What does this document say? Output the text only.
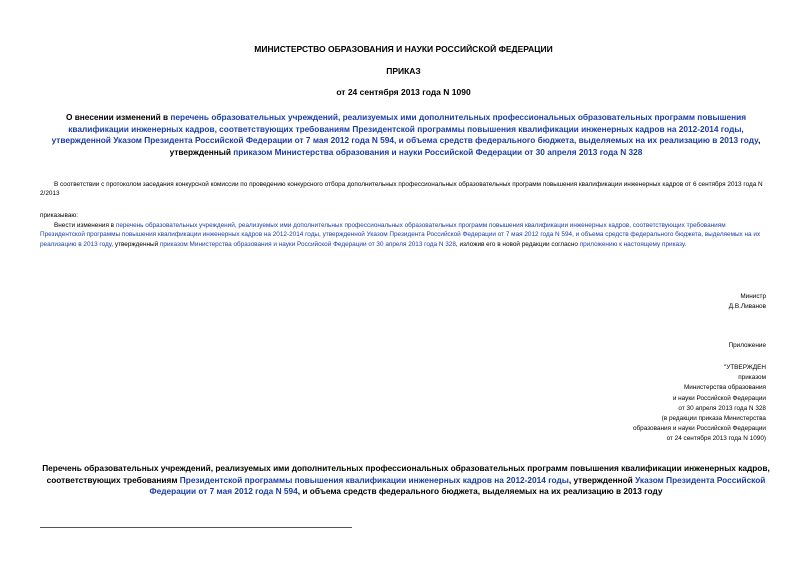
МИНИСТЕРСТВО ОБРАЗОВАНИЯ И НАУКИ РОССИЙСКОЙ ФЕДЕРАЦИИ
ПРИКАЗ
от 24 сентября 2013 года N 1090
О внесении изменений в перечень образовательных учреждений, реализуемых ими дополнительных профессиональных образовательных программ повышения квалификации инженерных кадров, соответствующих требованиям Президентской программы повышения квалификации инженерных кадров на 2012-2014 годы, утвержденной Указом Президента Российской Федерации от 7 мая 2012 года N 594, и объема средств федерального бюджета, выделяемых на их реализацию в 2013 году, утвержденный приказом Министерства образования и науки Российской Федерации от 30 апреля 2013 года N 328
В соответствии с протоколом заседания конкурсной комиссии по проведению конкурсного отбора дополнительных профессиональных образовательных программ повышения квалификации инженерных кадров от 6 сентября 2013 года N 2/2013
приказываю:
Внести изменения в перечень образовательных учреждений, реализуемых ими дополнительных профессиональных образовательных программ повышения квалификации инженерных кадров, соответствующих требованиям Президентской программы повышения квалификации инженерных кадров на 2012-2014 годы, утвержденной Указом Президента Российской Федерации от 7 мая 2012 года N 594, и объема средств федерального бюджета, выделяемых на их реализацию в 2013 году, утвержденный приказом Министерства образования и науки Российской Федерации от 30 апреля 2013 года N 328, изложив его в новой редакции согласно приложению к настоящему приказу.
Министр
Д.В.Ливанов
Приложение
"УТВЕРЖДЕН
приказом
Министерства образования
и науки Российской Федерации
от 30 апреля 2013 года N 328
(в редакции приказа Министерства
образования и науки Российской Федерации
от 24 сентября 2013 года N 1090)
Перечень образовательных учреждений, реализуемых ими дополнительных профессиональных образовательных программ повышения квалификации инженерных кадров, соответствующих требованиям Президентской программы повышения квалификации инженерных кадров на 2012-2014 годы, утвержденной Указом Президента Российской Федерации от 7 мая 2012 года N 594, и объема средств федерального бюджета, выделяемых на их реализацию в 2013 году
